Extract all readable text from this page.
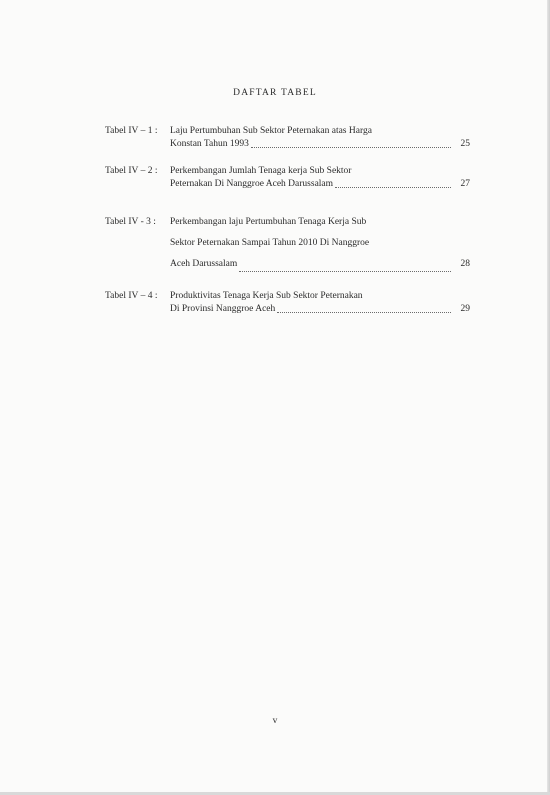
DAFTAR TABEL
Tabel IV – 1 : Laju Pertumbuhan Sub Sektor Peternakan atas Harga
Konstan Tahun 1993	25
Tabel IV – 2 : Perkembangan Jumlah Tenaga kerja Sub Sektor
Peternakan Di Nanggroe Aceh Darussalam	27
Tabel IV - 3 : Perkembangan laju Pertumbuhan Tenaga Kerja Sub
Sektor Peternakan Sampai Tahun 2010 Di Nanggroe
Aceh Darussalam	28
Tabel IV – 4 : Produktivitas Tenaga Kerja Sub Sektor Peternakan
Di Provinsi Nanggroe Aceh	29
v
